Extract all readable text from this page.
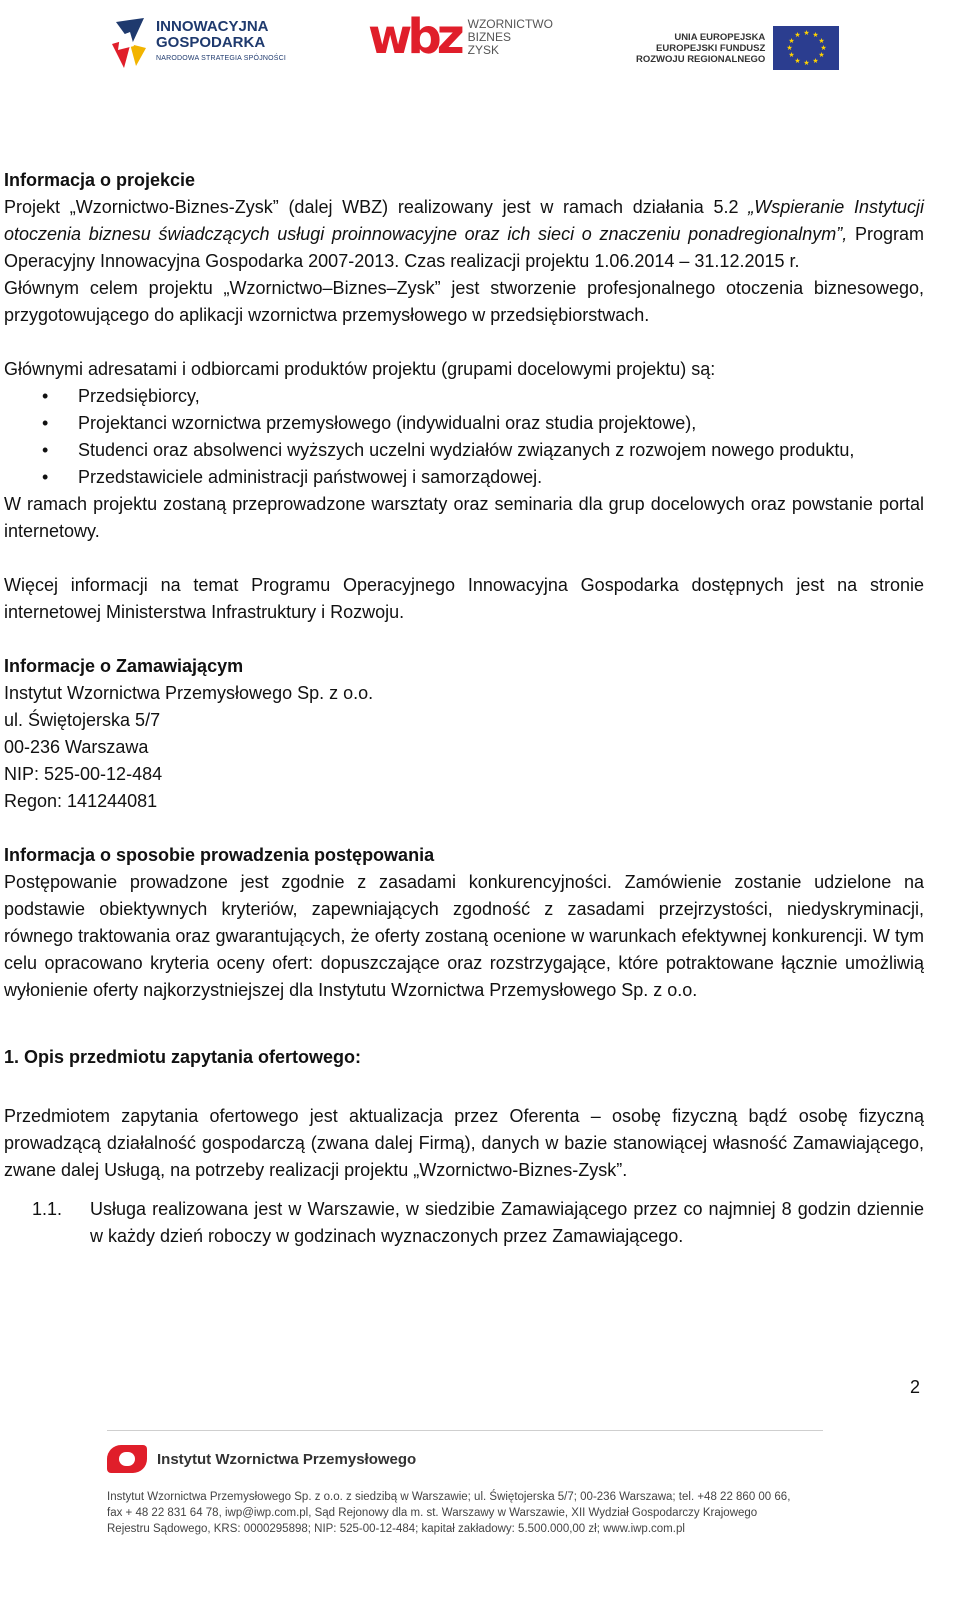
INNOWACYJNA
GOSPODARKA
NARODOWA STRATEGIA SPÓJNOŚCI wbz WZORNICTWO
BIZNES
ZYSK
UNIA EUROPEJSKA
EUROPEJSKI FUNDUSZ
ROZWOJU REGIONALNEGO
★ ★
★
★
★
★
★
★
★
★
★
★

Informacja o projekcie

Projekt „Wzornictwo-Biznes-Zysk” (dalej WBZ) realizowany jest w ramach działania 5.2 „Wspieranie Instytucji otoczenia biznesu świadczących usługi proinnowacyjne oraz ich sieci o znaczeniu ponadregionalnym”, Program Operacyjny Innowacyjna Gospodarka 2007-2013. Czas realizacji projektu 1.06.2014 – 31.12.2015 r.

Głównym celem projektu „Wzornictwo–Biznes–Zysk” jest stworzenie profesjonalnego otoczenia biznesowego, przygotowującego do aplikacji wzornictwa przemysłowego w przedsiębiorstwach.

Głównymi adresatami i odbiorcami produktów projektu (grupami docelowymi projektu) są:

• Przedsiębiorcy,
• Projektanci wzornictwa przemysłowego (indywidualni oraz studia projektowe),
• Studenci oraz absolwenci wyższych uczelni wydziałów związanych z rozwojem nowego produktu,
• Przedstawiciele administracji państwowej i samorządowej.

W ramach projektu zostaną przeprowadzone warsztaty oraz seminaria dla grup docelowych oraz powstanie portal internetowy.

Więcej informacji na temat Programu Operacyjnego Innowacyjna Gospodarka dostępnych jest na stronie internetowej Ministerstwa Infrastruktury i Rozwoju.

Informacje o Zamawiającym

Instytut Wzornictwa Przemysłowego Sp. z o.o.

ul. Świętojerska 5/7

00-236 Warszawa

NIP: 525-00-12-484

Regon: 141244081

Informacja o sposobie prowadzenia postępowania

Postępowanie prowadzone jest zgodnie z zasadami konkurencyjności. Zamówienie zostanie udzielone na podstawie obiektywnych kryteriów, zapewniających zgodność z zasadami przejrzystości, niedyskryminacji, równego traktowania oraz gwarantujących, że oferty zostaną ocenione w warunkach efektywnej konkurencji. W tym celu opracowano kryteria oceny ofert: dopuszczające oraz rozstrzygające, które potraktowane łącznie umożliwią wyłonienie oferty najkorzystniejszej dla Instytutu Wzornictwa Przemysłowego Sp. z o.o.

1. Opis przedmiotu zapytania ofertowego:

Przedmiotem zapytania ofertowego jest aktualizacja przez Oferenta – osobę fizyczną bądź osobę fizyczną prowadzącą działalność gospodarczą (zwana dalej Firmą), danych w bazie stanowiącej własność Zamawiającego, zwane dalej Usługą, na potrzeby realizacji projektu „Wzornictwo-Biznes-Zysk”.

1.1. Usługa realizowana jest w Warszawie, w siedzibie Zamawiającego przez co najmniej 8 godzin dziennie w każdy dzień roboczy w godzinach wyznaczonych przez Zamawiającego.
2
Instytut Wzornictwa Przemysłowego
Instytut Wzornictwa Przemysłowego Sp. z o.o. z siedzibą w Warszawie; ul. Świętojerska 5/7; 00-236 Warszawa; tel. +48 22 860 00 66,
fax + 48 22 831 64 78, iwp@iwp.com.pl, Sąd Rejonowy dla m. st. Warszawy w Warszawie, XII Wydział Gospodarczy Krajowego
Rejestru Sądowego, KRS: 0000295898; NIP: 525-00-12-484; kapitał zakładowy: 5.500.000,00 zł; www.iwp.com.pl
